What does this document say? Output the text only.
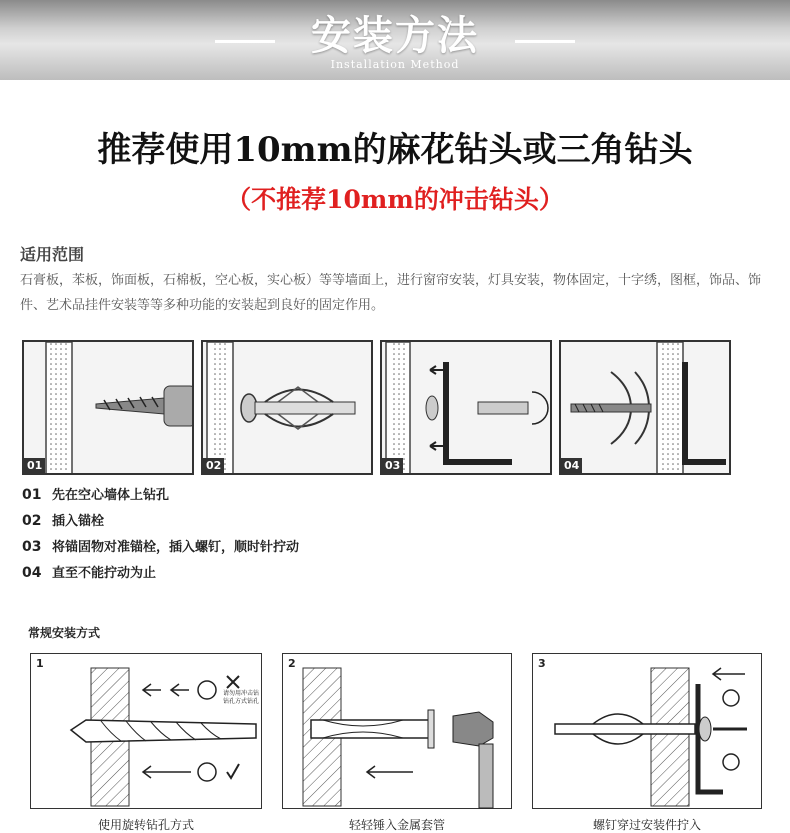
安装方法
Installation Method
推荐使用10mm的麻花钻头或三角钻头
（不推荐10mm的冲击钻头）
适用范围
石膏板，苯板，饰面板，石棉板，空心板，实心板）等等墙面上，进行窗帘安装，灯具安装，物体固定，十字绣，图框，饰品、饰件、艺术品挂件安装等等多种功能的安装起到良好的固定作用。
01	02	03	04
01 先在空心墙体上钻孔
02 插入锚栓
03 将锚固物对准锚栓，插入螺钉，顺时针拧动
04 直至不能拧动为止
常规安装方式
1
请勿用冲击钻钻孔方式钻孔
使用旋转钻孔方式
2
轻轻锤入金属套管
3
螺钉穿过安装件拧入
